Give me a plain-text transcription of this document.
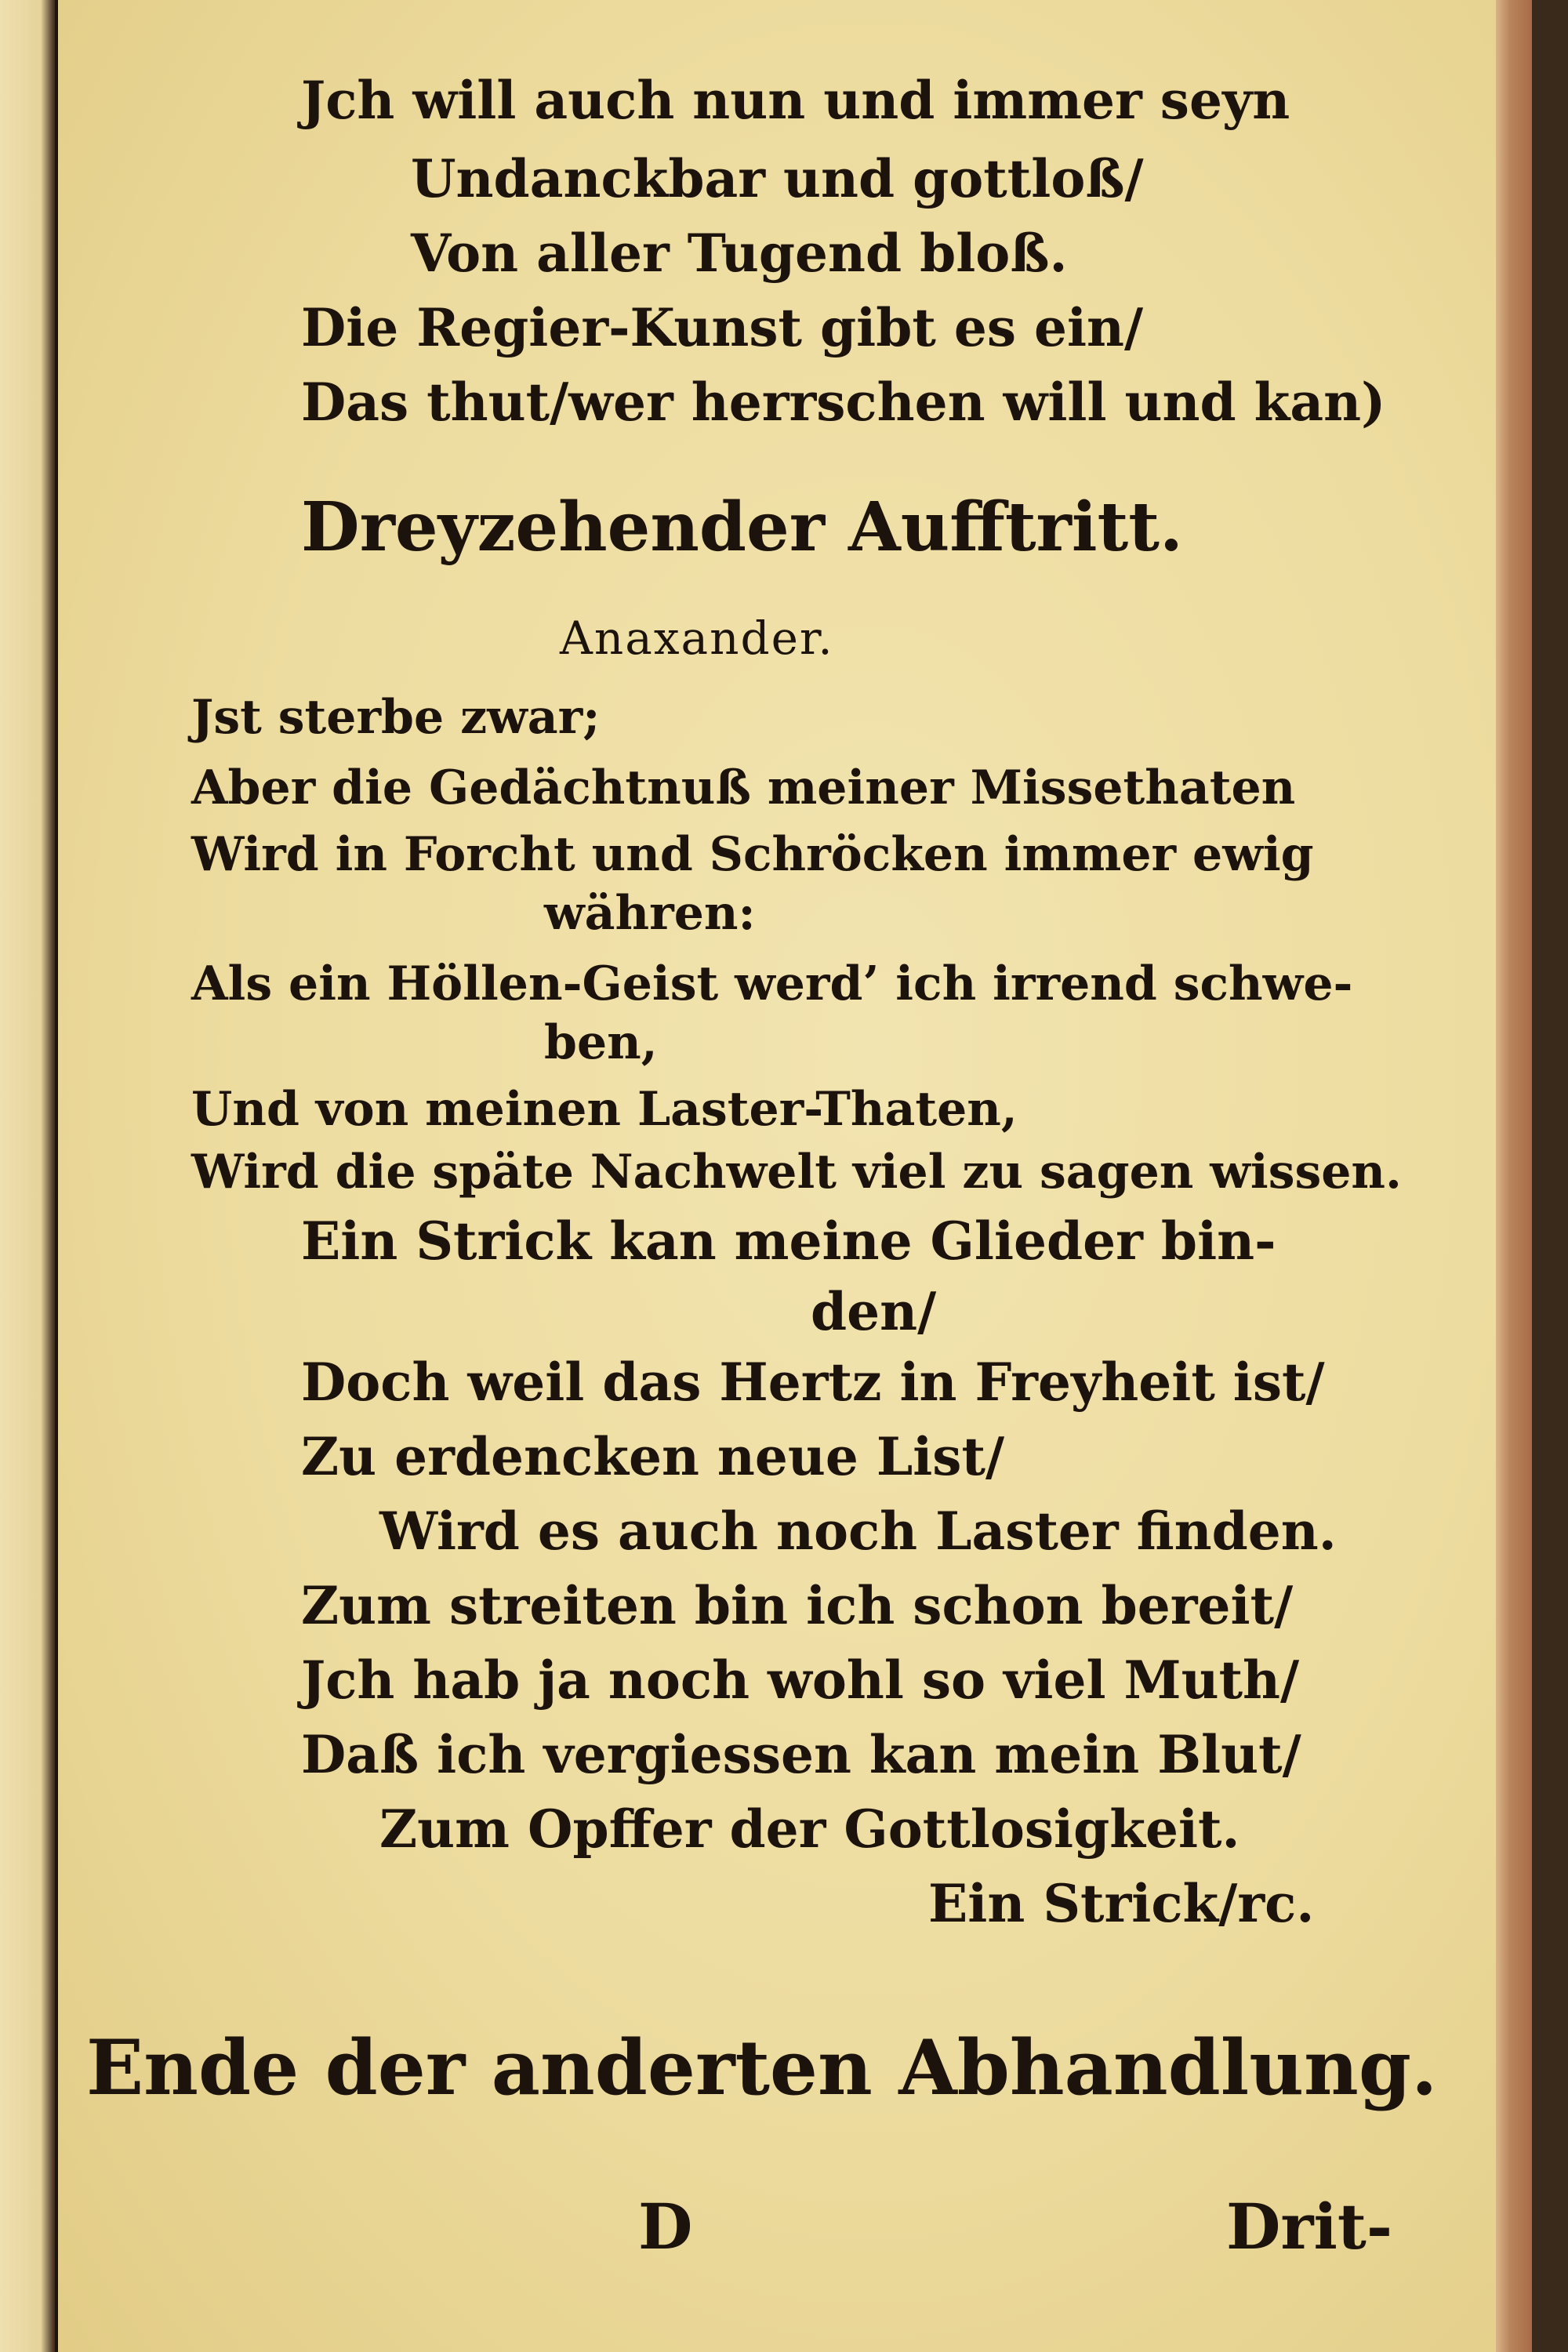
Jch will auch nun und immer seyn
Undanckbar und gottloß/
Von aller Tugend bloß.
Die Regier-Kunst gibt es ein/
Das thut/wer herrschen will und kan)
Dreyzehender Aufftritt.
Anaxander.
Jst sterbe zwar;
Aber die Gedächtnuß meiner Missethaten
Wird in Forcht und Schröcken immer ewig
währen:
Als ein Höllen-Geist werd’ ich irrend schwe-
ben,
Und von meinen Laster-Thaten,
Wird die späte Nachwelt viel zu sagen wissen.
Ein Strick kan meine Glieder bin-
den/
Doch weil das Hertz in Freyheit ist/
Zu erdencken neue List/
Wird es auch noch Laster finden.
Zum streiten bin ich schon bereit/
Jch hab ja noch wohl so viel Muth/
Daß ich vergiessen kan mein Blut/
Zum Opffer der Gottlosigkeit.
Ein Strick/rc.
Ende der anderten Abhandlung.
D	Drit-
